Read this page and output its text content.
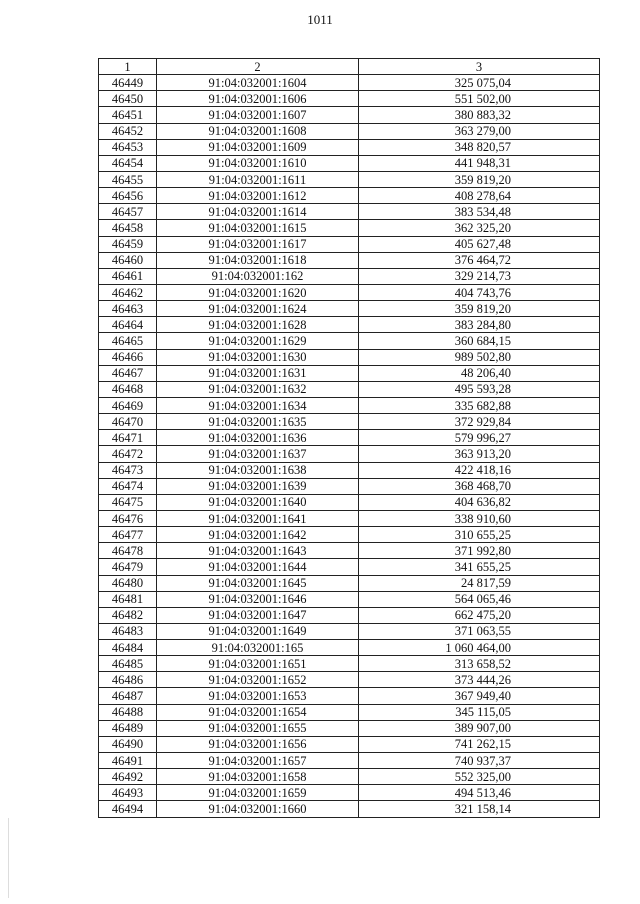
1011
1	2	3
46449	91:04:032001:1604	325 075,04
46450	91:04:032001:1606	551 502,00
46451	91:04:032001:1607	380 883,32
46452	91:04:032001:1608	363 279,00
46453	91:04:032001:1609	348 820,57
46454	91:04:032001:1610	441 948,31
46455	91:04:032001:1611	359 819,20
46456	91:04:032001:1612	408 278,64
46457	91:04:032001:1614	383 534,48
46458	91:04:032001:1615	362 325,20
46459	91:04:032001:1617	405 627,48
46460	91:04:032001:1618	376 464,72
46461	91:04:032001:162	329 214,73
46462	91:04:032001:1620	404 743,76
46463	91:04:032001:1624	359 819,20
46464	91:04:032001:1628	383 284,80
46465	91:04:032001:1629	360 684,15
46466	91:04:032001:1630	989 502,80
46467	91:04:032001:1631	48 206,40
46468	91:04:032001:1632	495 593,28
46469	91:04:032001:1634	335 682,88
46470	91:04:032001:1635	372 929,84
46471	91:04:032001:1636	579 996,27
46472	91:04:032001:1637	363 913,20
46473	91:04:032001:1638	422 418,16
46474	91:04:032001:1639	368 468,70
46475	91:04:032001:1640	404 636,82
46476	91:04:032001:1641	338 910,60
46477	91:04:032001:1642	310 655,25
46478	91:04:032001:1643	371 992,80
46479	91:04:032001:1644	341 655,25
46480	91:04:032001:1645	24 817,59
46481	91:04:032001:1646	564 065,46
46482	91:04:032001:1647	662 475,20
46483	91:04:032001:1649	371 063,55
46484	91:04:032001:165	1 060 464,00
46485	91:04:032001:1651	313 658,52
46486	91:04:032001:1652	373 444,26
46487	91:04:032001:1653	367 949,40
46488	91:04:032001:1654	345 115,05
46489	91:04:032001:1655	389 907,00
46490	91:04:032001:1656	741 262,15
46491	91:04:032001:1657	740 937,37
46492	91:04:032001:1658	552 325,00
46493	91:04:032001:1659	494 513,46
46494	91:04:032001:1660	321 158,14
